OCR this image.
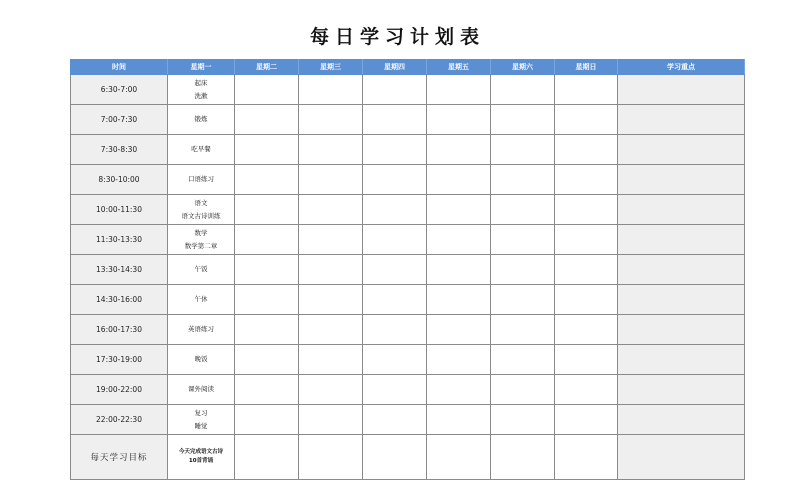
每日学习计划表
时间	星期一	星期二	星期三	星期四	星期五	星期六	星期日	学习重点
6:30-7:00	起床
洗漱							

7:00-7:30	锻炼							

7:30-8:30	吃早餐							

8:30-10:00	口语练习							

10:00-11:30	语文
语文古诗训练							

11:30-13:30	数学
数学第二章							

13:30-14:30	午饭							

14:30-16:00	午休							

16:00-17:30	英语练习							

17:30-19:00	晚饭							

19:00-22:00	课外阅读							

22:00-22:30	复习
睡觉							

每天学习目标	今天完成语文古诗
10首背诵							
